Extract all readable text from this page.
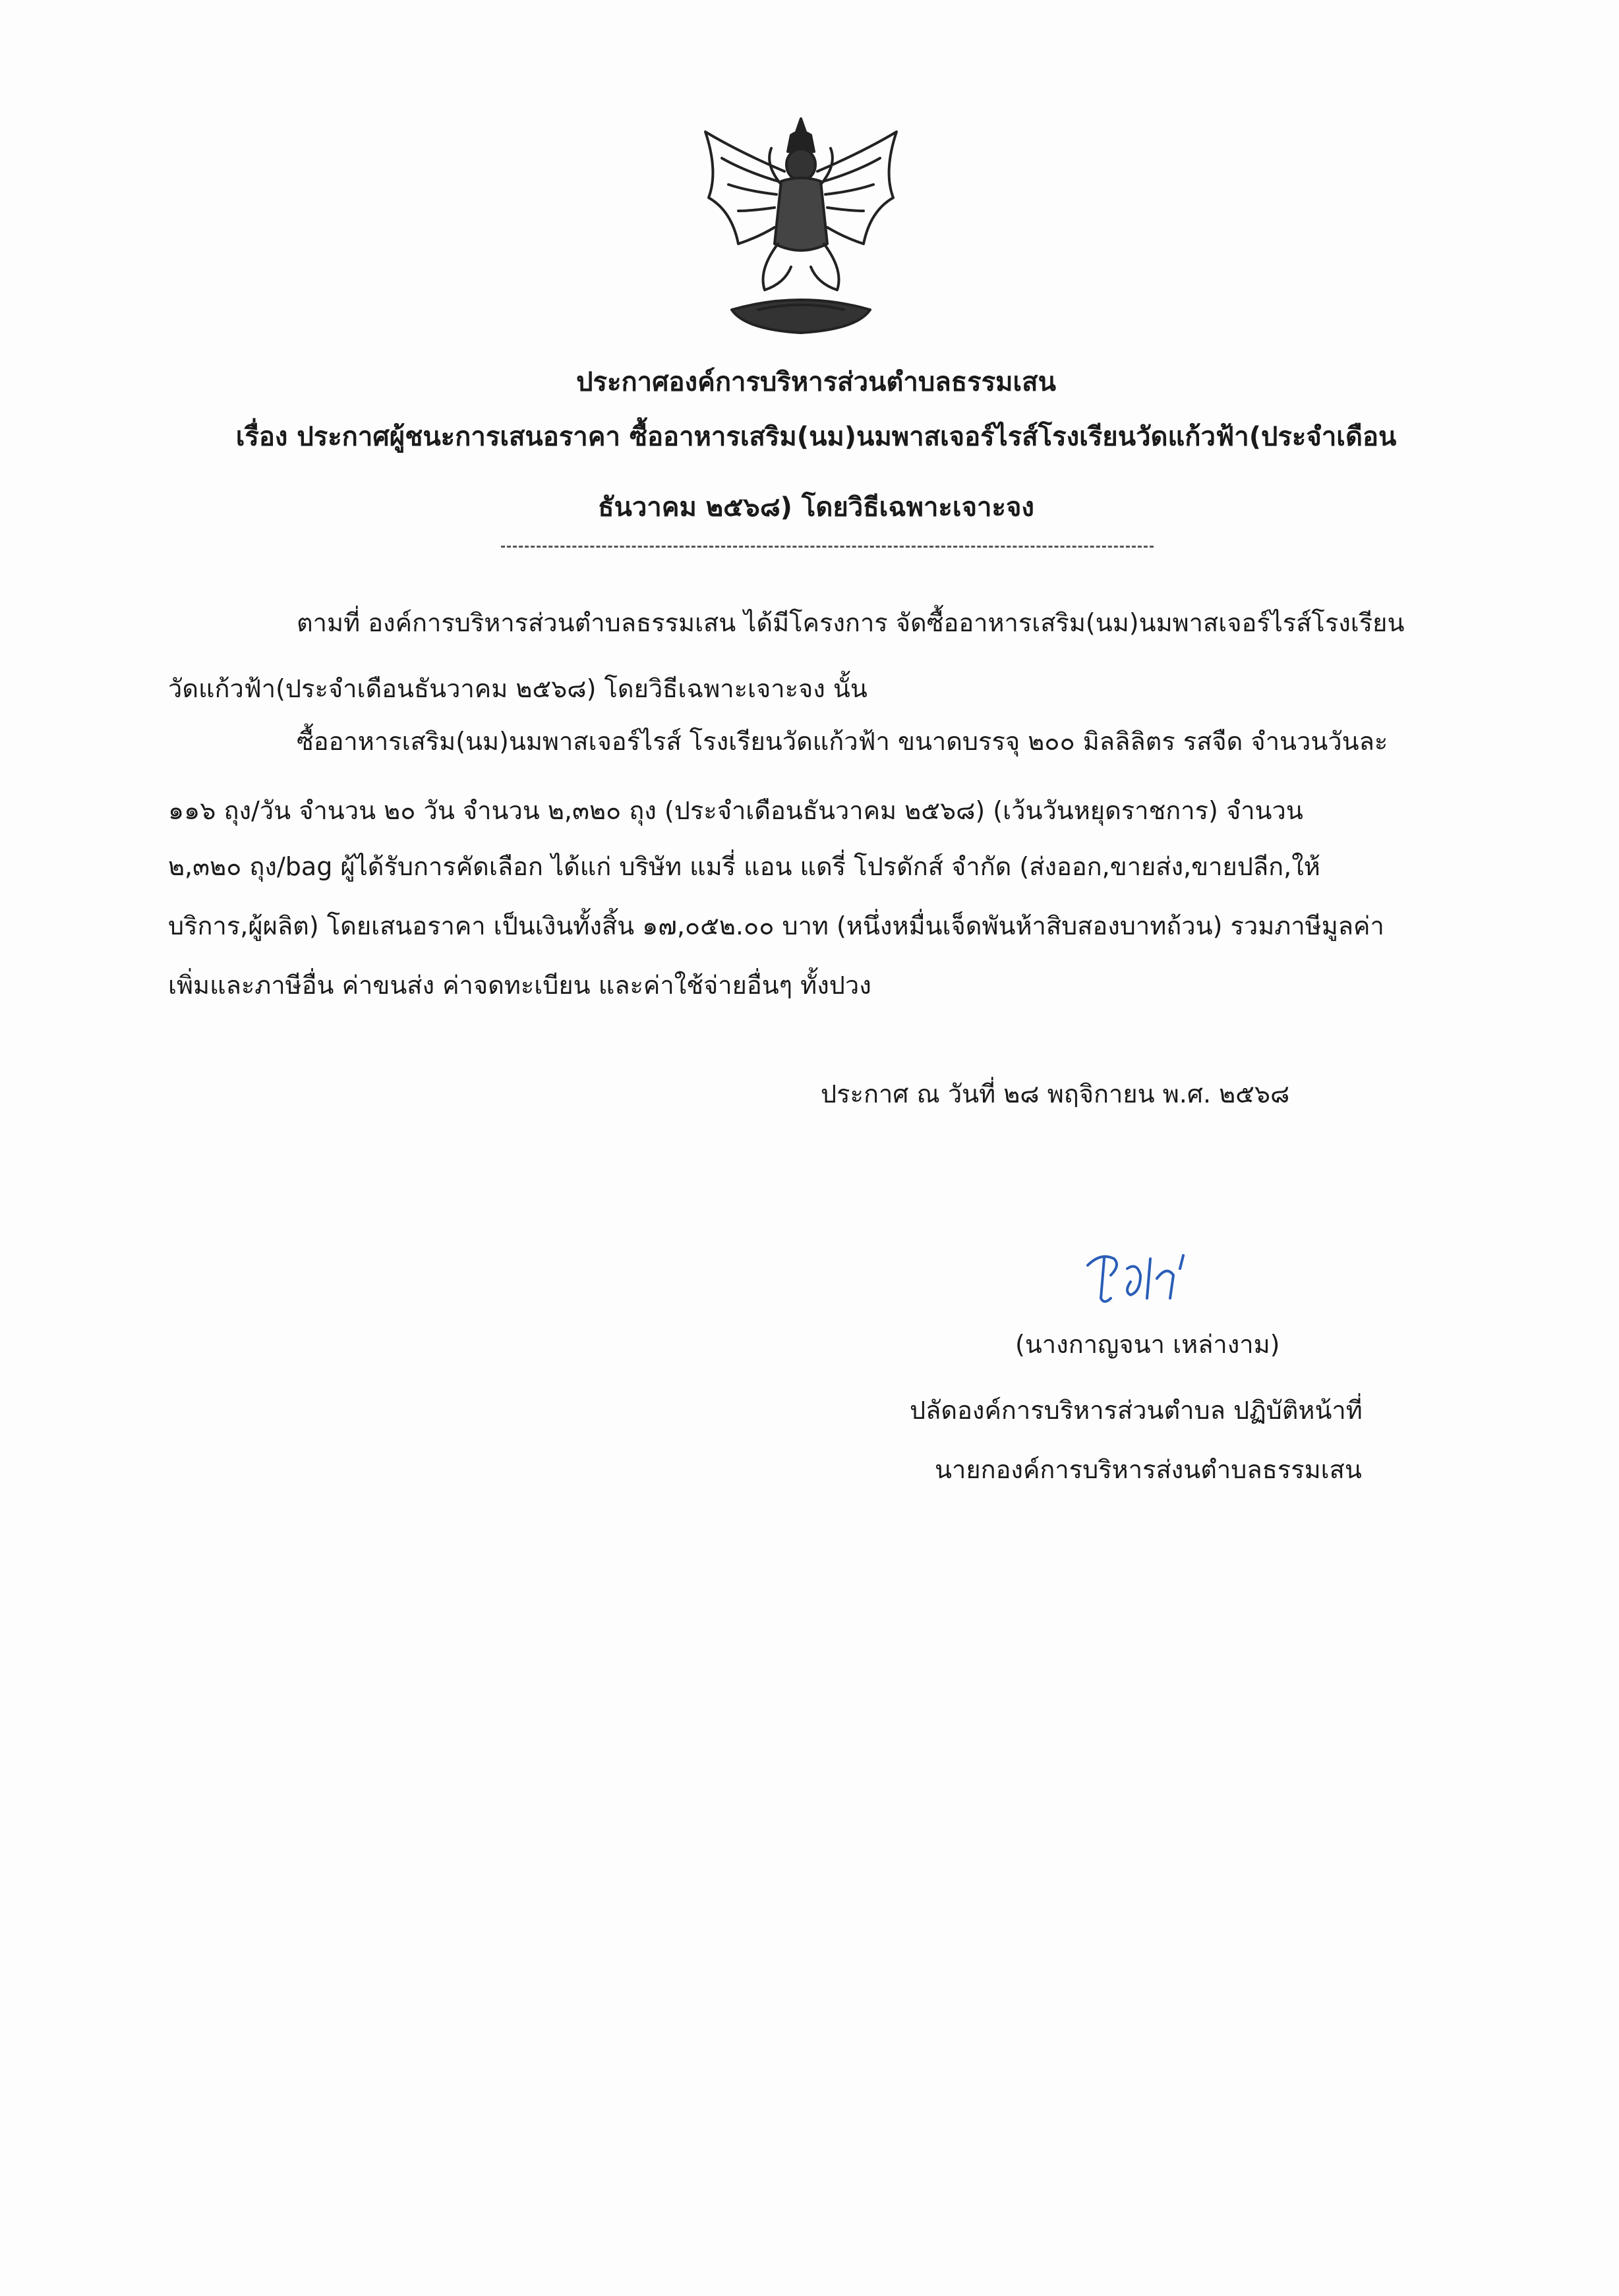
ประกาศองค์การบริหารส่วนตำบลธรรมเสน
เรื่อง ประกาศผู้ชนะการเสนอราคา ซื้ออาหารเสริม(นม)นมพาสเจอร์ไรส์โรงเรียนวัดแก้วฟ้า(ประจำเดือน
ธันวาคม ๒๕๖๘) โดยวิธีเฉพาะเจาะจง
ตามที่ องค์การบริหารส่วนตำบลธรรมเสน ได้มีโครงการ จัดซื้ออาหารเสริม(นม)นมพาสเจอร์ไรส์โรงเรียน
วัดแก้วฟ้า(ประจำเดือนธันวาคม ๒๕๖๘) โดยวิธีเฉพาะเจาะจง นั้น
ซื้ออาหารเสริม(นม)นมพาสเจอร์ไรส์ โรงเรียนวัดแก้วฟ้า ขนาดบรรจุ ๒๐๐ มิลลิลิตร รสจืด จำนวนวันละ
๑๑๖ ถุง/วัน จำนวน ๒๐ วัน จำนวน ๒,๓๒๐ ถุง (ประจำเดือนธันวาคม ๒๕๖๘) (เว้นวันหยุดราชการ) จำนวน
๒,๓๒๐ ถุง/bag ผู้ได้รับการคัดเลือก ได้แก่ บริษัท แมรี่ แอน แดรี่ โปรดักส์ จำกัด (ส่งออก,ขายส่ง,ขายปลีก,ให้
บริการ,ผู้ผลิต) โดยเสนอราคา เป็นเงินทั้งสิ้น ๑๗,๐๕๒.๐๐ บาท (หนึ่งหมื่นเจ็ดพันห้าสิบสองบาทถ้วน) รวมภาษีมูลค่า
เพิ่มและภาษีอื่น ค่าขนส่ง ค่าจดทะเบียน และค่าใช้จ่ายอื่นๆ ทั้งปวง
ประกาศ ณ วันที่ ๒๘ พฤจิกายน พ.ศ. ๒๕๖๘
(นางกาญจนา เหล่างาม)
ปลัดองค์การบริหารส่วนตำบล ปฏิบัติหน้าที่
นายกองค์การบริหารส่งนตำบลธรรมเสน
